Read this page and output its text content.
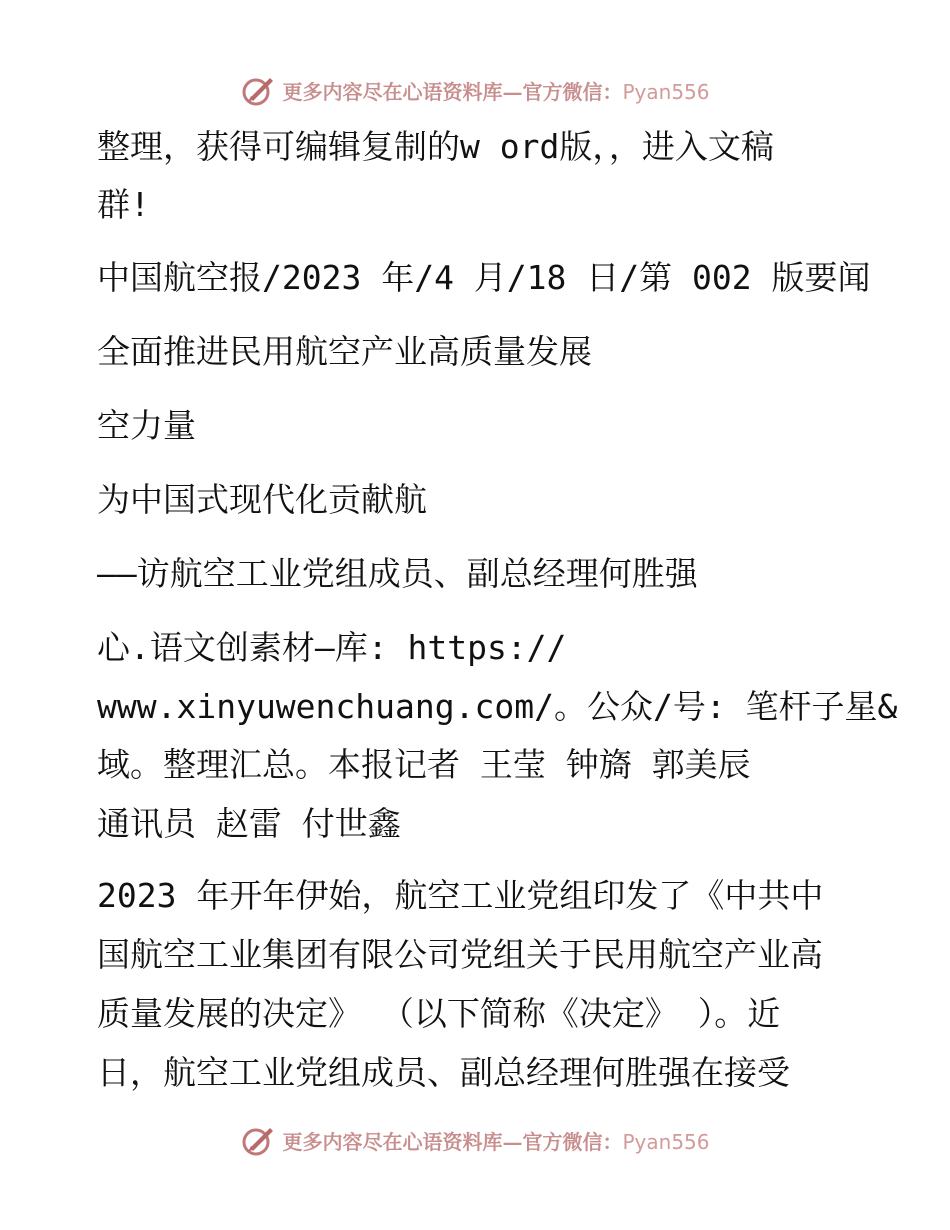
更多内容尽在心语资料库—官方微信：Pyan556
整理，获得可编辑复制的w ord版，，进入文稿
群!
中国航空报/2023 年/4 月/18 日/第 002 版要闻
全面推进民用航空产业高质量发展
空力量
为中国式现代化贡献航
——访航空工业党组成员、副总经理何胜强
心.语文创素材—库: https://
www.xinyuwenchuang.com/。公众/号: 笔杆子星&
域。整理汇总。本报记者 王莹 钟旖 郭美辰
通讯员 赵雷 付世鑫
2023 年开年伊始，航空工业党组印发了《中共中
国航空工业集团有限公司党组关于民用航空产业高
质量发展的决定》 （以下简称《决定》 ）。近
日，航空工业党组成员、副总经理何胜强在接受
更多内容尽在心语资料库—官方微信：Pyan556
